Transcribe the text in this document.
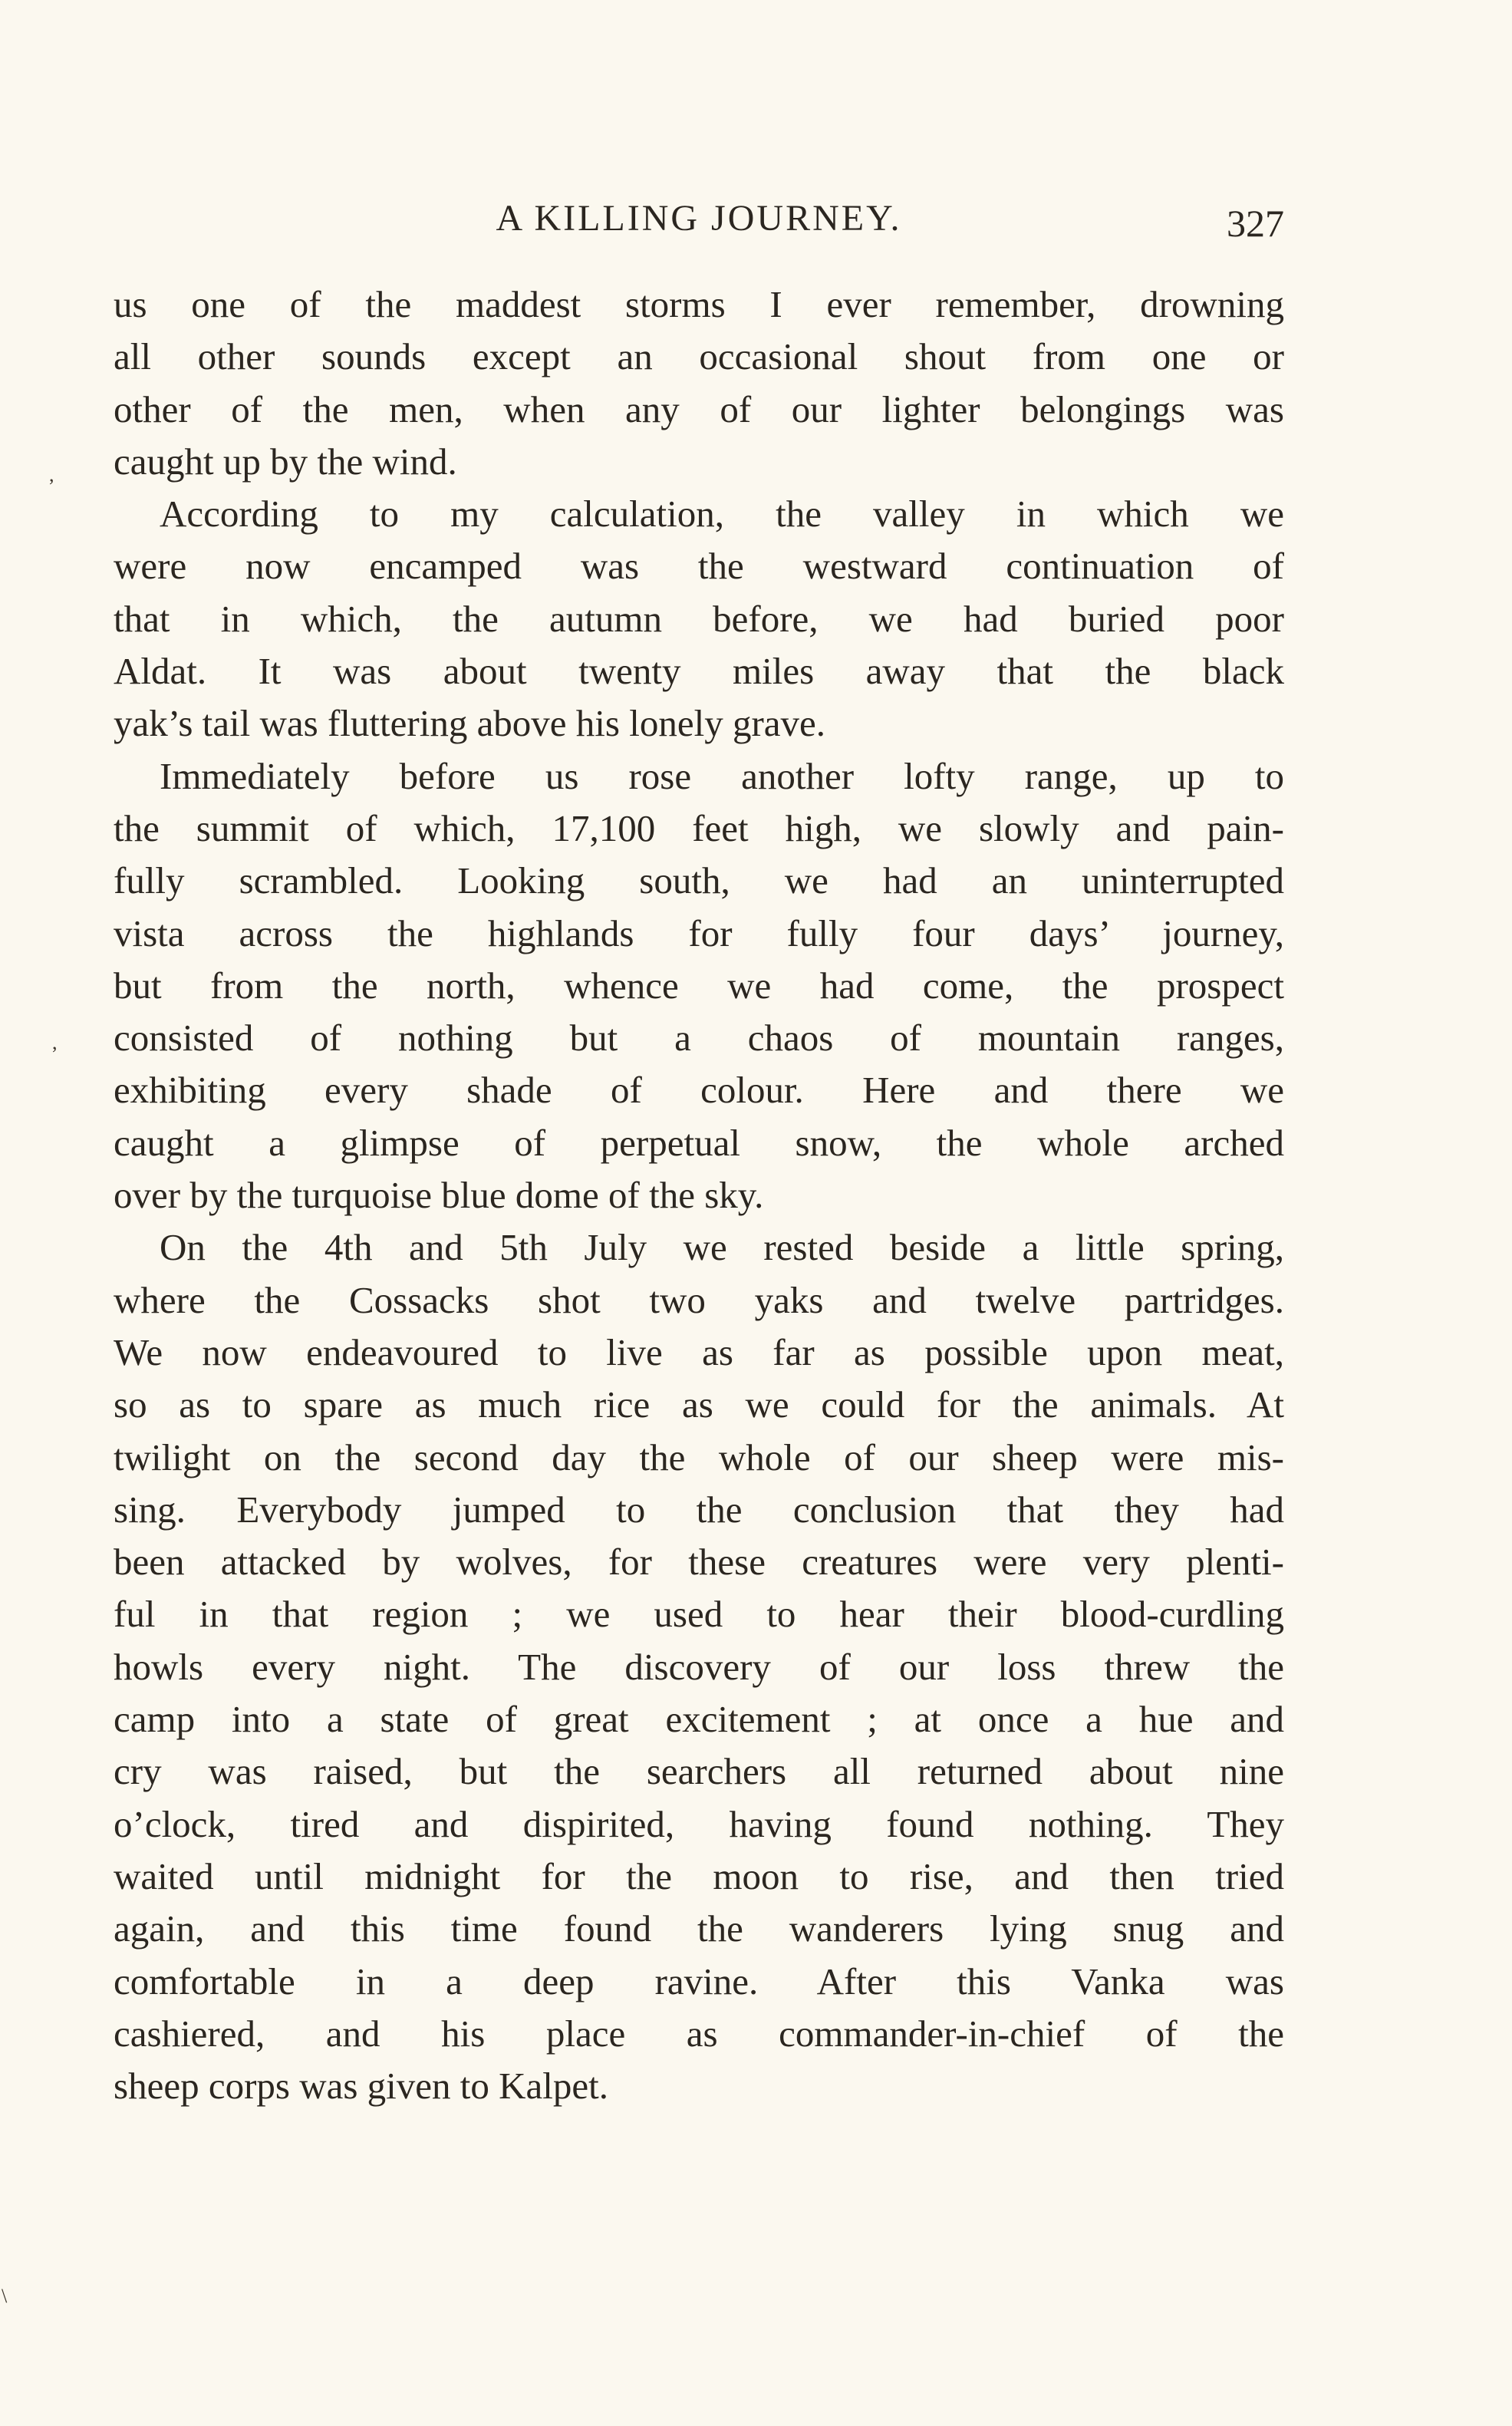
A KILLING JOURNEY.	327
us one of the maddest storms I ever remember, drowning
all other sounds except an occasional shout from one or
other of the men, when any of our lighter belongings was
caught up by the wind.
According to my calculation, the valley in which we
were now encamped was the westward continuation of
that in which, the autumn before, we had buried poor
Aldat. It was about twenty miles away that the black
yak’s tail was fluttering above his lonely grave.
Immediately before us rose another lofty range, up to
the summit of which, 17,100 feet high, we slowly and pain-
fully scrambled. Looking south, we had an uninterrupted
vista across the highlands for fully four days’ journey,
but from the north, whence we had come, the prospect
consisted of nothing but a chaos of mountain ranges,
exhibiting every shade of colour. Here and there we
caught a glimpse of perpetual snow, the whole arched
over by the turquoise blue dome of the sky.
On the 4th and 5th July we rested beside a little spring,
where the Cossacks shot two yaks and twelve partridges.
We now endeavoured to live as far as possible upon meat,
so as to spare as much rice as we could for the animals. At
twilight on the second day the whole of our sheep were mis-
sing. Everybody jumped to the conclusion that they had
been attacked by wolves, for these creatures were very plenti-
ful in that region ; we used to hear their blood-curdling
howls every night. The discovery of our loss threw the
camp into a state of great excitement ; at once a hue and
cry was raised, but the searchers all returned about nine
o’clock, tired and dispirited, having found nothing. They
waited until midnight for the moon to rise, and then tried
again, and this time found the wanderers lying snug and
comfortable in a deep ravine. After this Vanka was
cashiered, and his place as commander-in-chief of the
sheep corps was given to Kalpet.
,
,
\
